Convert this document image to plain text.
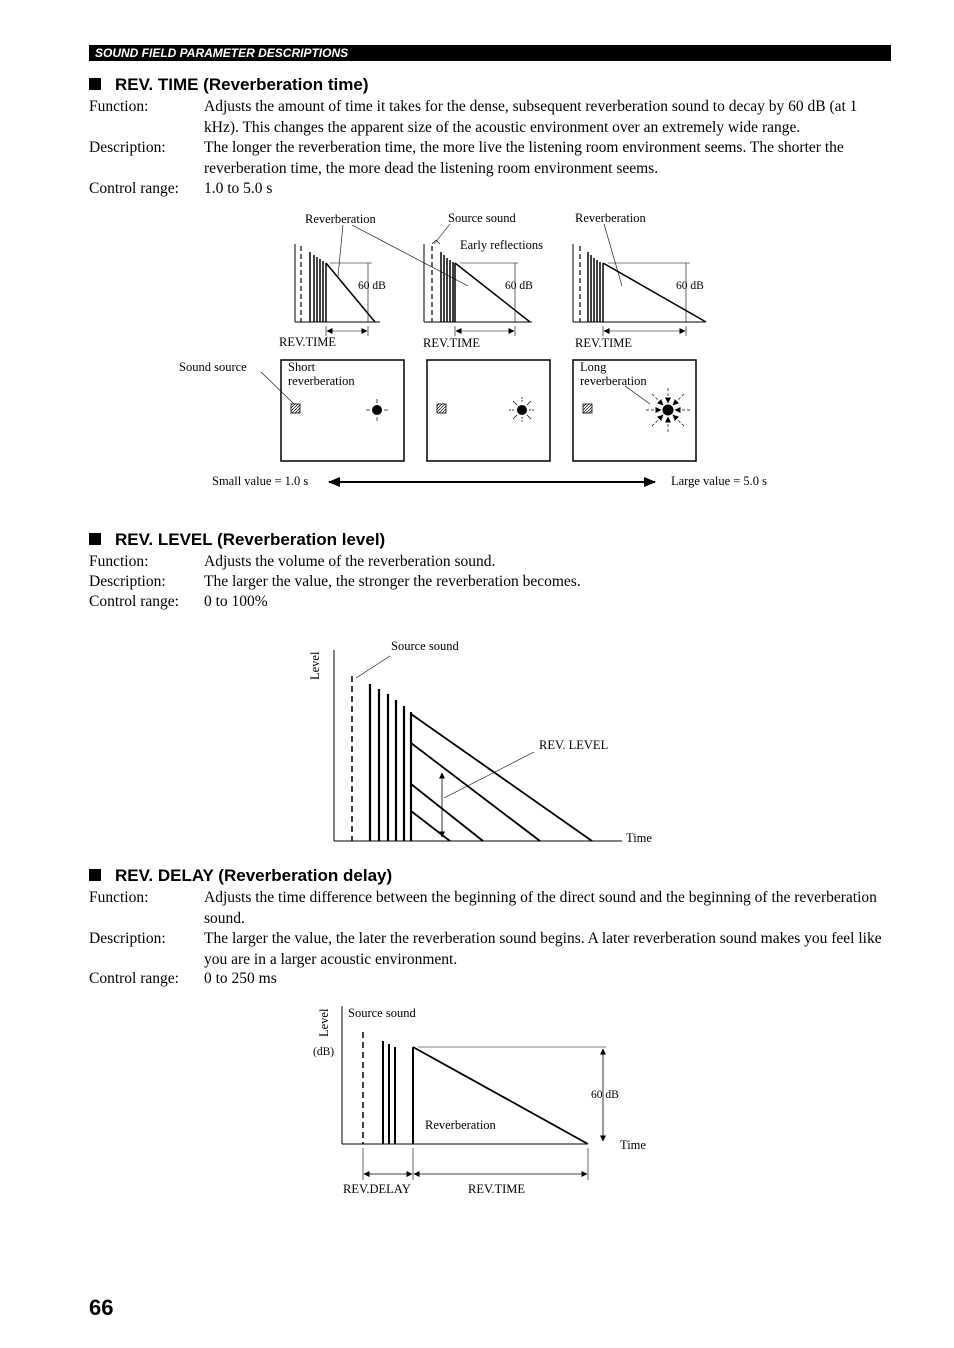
SOUND FIELD PARAMETER DESCRIPTIONS
REV. TIME (Reverberation time)
Function:	Adjusts the amount of time it takes for the dense, subsequent reverberation sound to decay by 60 dB (at 1 kHz). This changes the apparent size of the acoustic environment over an extremely wide range.
Description: The longer the reverberation time, the more live the listening room environment seems. The shorter the reverberation time, the more dead the listening room environment seems.
Control range: 1.0 to 5.0 s
REV. LEVEL (Reverberation level)
Function:	Adjusts the volume of the reverberation sound.
Description: The larger the value, the stronger the reverberation becomes.
Control range: 0 to 100%
REV. DELAY (Reverberation delay)
Function:	Adjusts the time difference between the beginning of the direct sound and the beginning of the reverberation sound.
Description: The larger the value, the later the reverberation sound begins. A later reverberation sound makes you feel like you are in a larger acoustic environment.
Control range: 0 to 250 ms
Reverberation	Source sound
Early reflections
Reverberation
60 dB	60 dB	60 dB
REV.TIME	REV.TIME	REV.TIME
Sound source	Short
reverberation
Long
reverberation
Small value = 1.0 s	Large value = 5.0 s
Level
Source sound
REV. LEVEL
Time
Level
(dB)
Source sound
60 dB
Reverberation
Time
REV.DELAY	REV.TIME
66
